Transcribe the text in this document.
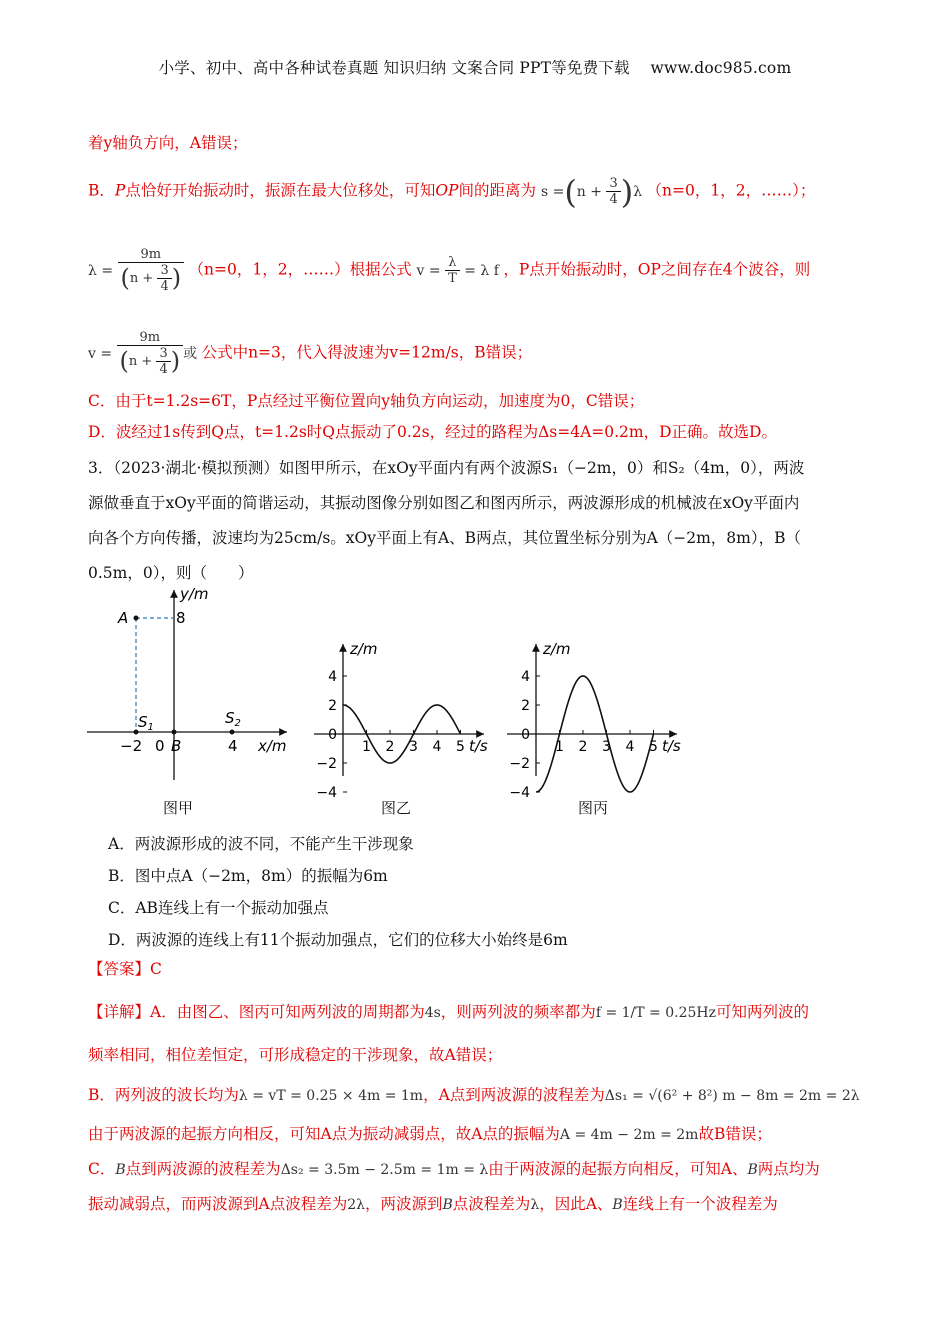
小学、初中、高中各种试卷真题 知识归纳 文案合同 PPT等免费下载　 www.doc985.com
着y轴负方向，A错误；
B．P点恰好开始振动时，振源在最大位移处，可知OP间的距离为 $s =(n + \frac{3}{4} )\lambda$ （n=0，1，2，……）；
$\lambda = \frac{9m}{(n + \frac{3}{4} )} (n=0$，1，2，……）根据公式 $v = \frac{\lambda}{T} = \lambda$ f ，P点开始振动时，OP之间存在4个波谷，则
$v = \frac{9m}{(n + \frac{3}{4} )}$ 或 公式中n=3，代入得波速为v=12m/s，B错误；
C．由于t=1.2s=6T，P点经过平衡位置向y轴负方向运动，加速度为0，C错误；
D．波经过1s传到Q点，t=1.2s时Q点振动了0.2s，经过的路程为Δs=4A=0.2m，D正确。故选D。
3．（2023·湖北·模拟预测）如图甲所示，在xOy平面内有两个波源S₁（−2m，0）和S₂（4m，0），两波
源做垂直于xOy平面的简谐运动，其振动图像分别如图乙和图丙所示，两波源形成的机械波在xOy平面内
向各个方向传播，波速均为25cm/s。xOy平面上有A、B两点，其位置坐标分别为A（−2m，8m），B（
0.5m，0），则（　　）
y/m
x/m
A	8
$S_1$
$S_2$
−2 0 B	4
图甲
z/m
t/s
4
2
0
−2
−4
1 2 3 4 5
图乙
z/m
t/s
4
2
0
−2
−4
1 2 3 4 5
图丙
A．两波源形成的波不同，不能产生干涉现象
B．图中点A（−2m，8m）的振幅为6m
C．AB连线上有一个振动加强点
D．两波源的连线上有11个振动加强点，它们的位移大小始终是6m
【答案】C
【详解】A．由图乙、图丙可知两列波的周期都为4s，则两列波的频率都为f = 1/T = 0.25Hz可知两列波的
频率相同，相位差恒定，可形成稳定的干涉现象，故A错误；
B．两列波的波长均为λ = vT = 0.25 × 4m = 1m，A点到两波源的波程差为Δs₁ = √(6² + 8²) m − 8m = 2m = 2λ
由于两波源的起振方向相反，可知A点为振动减弱点，故A点的振幅为A = 4m − 2m = 2m故B错误；
C．B点到两波源的波程差为Δs₂ = 3.5m − 2.5m = 1m = λ由于两波源的起振方向相反，可知A、B两点均为
振动减弱点，而两波源到A点波程差为2λ，两波源到B点波程差为λ，因此A、B连线上有一个波程差为
